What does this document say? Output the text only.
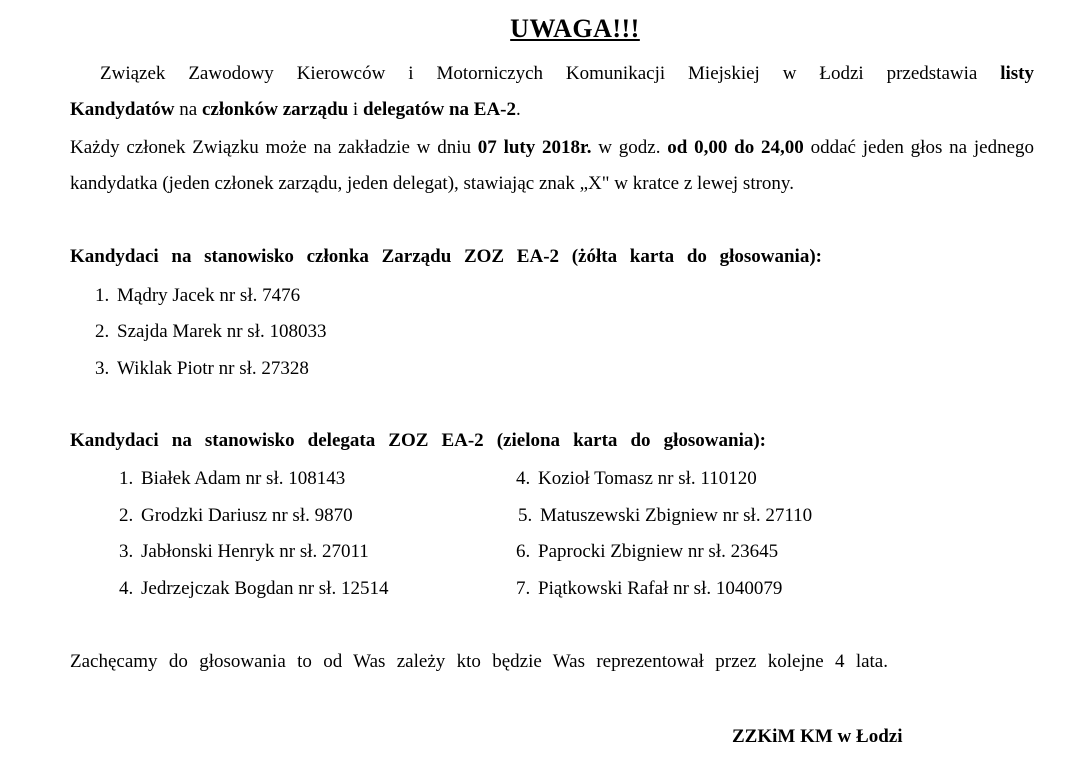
UWAGA!!!

Związek Zawodowy Kierowców i Motorniczych Komunikacji Miejskiej w Łodzi przedstawia listy
Kandydatów na członków zarządu i delegatów na EA-2.

Każdy członek Związku może na zakładzie w dniu 07 luty 2018r. w godz. od 0,00 do 24,00 oddać jeden głos na jednego kandydatka (jeden członek zarządu, jeden delegat), stawiając znak „X" w kratce z lewej strony.

Kandydaci na stanowisko członka Zarządu ZOZ EA-2 (żółta karta do głosowania):
1. Mądry Jacek nr sł. 7476
2. Szajda Marek nr sł. 108033
3. Wiklak Piotr nr sł. 27328
Kandydaci na stanowisko delegata ZOZ EA-2 (zielona karta do głosowania):
1. Białek Adam nr sł. 108143
2. Grodzki Dariusz nr sł. 9870
3. Jabłonski Henryk nr sł. 27011
4. Jedrzejczak Bogdan nr sł. 12514
4. Kozioł Tomasz nr sł. 110120
5. Matuszewski Zbigniew nr sł. 27110
6. Paprocki Zbigniew nr sł. 23645
7. Piątkowski Rafał nr sł. 1040079
Zachęcamy do głosowania to od Was zależy kto będzie Was reprezentował przez kolejne 4 lata.
ZZKiM KM w Łodzi
